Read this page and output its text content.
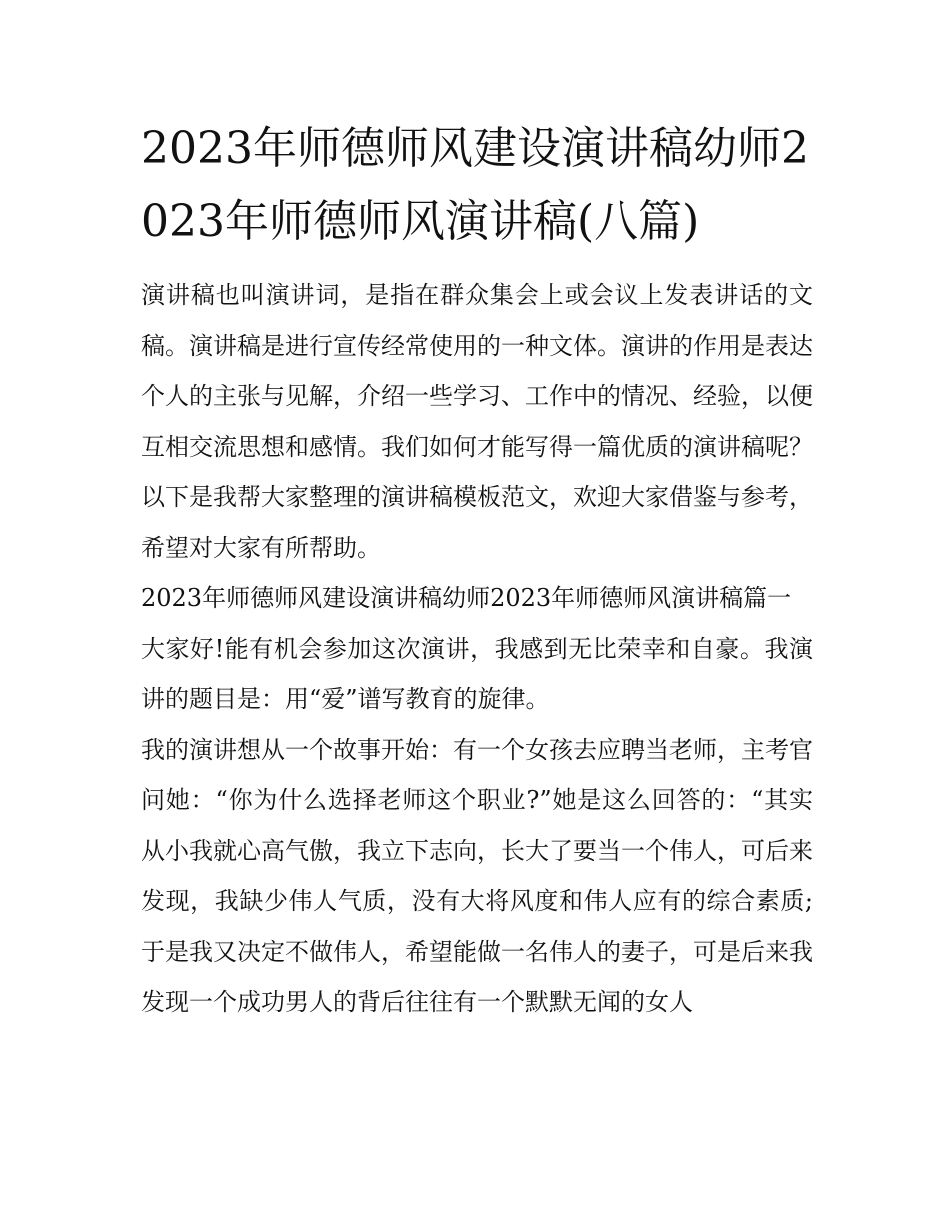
2023年师德师风建设演讲稿幼师2023年师德师风演讲稿(八篇)

演讲稿也叫演讲词，是指在群众集会上或会议上发表讲话的文稿。演讲稿是进行宣传经常使用的一种文体。演讲的作用是表达个人的主张与见解，介绍一些学习、工作中的情况、经验，以便互相交流思想和感情。我们如何才能写得一篇优质的演讲稿呢？以下是我帮大家整理的演讲稿模板范文，欢迎大家借鉴与参考，希望对大家有所帮助。

2023年师德师风建设演讲稿幼师2023年师德师风演讲稿篇一

大家好!能有机会参加这次演讲，我感到无比荣幸和自豪。我演讲的题目是：用“爱”谱写教育的旋律。

我的演讲想从一个故事开始：有一个女孩去应聘当老师，主考官问她：“你为什么选择老师这个职业?”她是这么回答的：“其实从小我就心高气傲，我立下志向，长大了要当一个伟人，可后来发现，我缺少伟人气质，没有大将风度和伟人应有的综合素质;于是我又决定不做伟人，希望能做一名伟人的妻子，可是后来我发现一个成功男人的背后往往有一个默默无闻的女人
